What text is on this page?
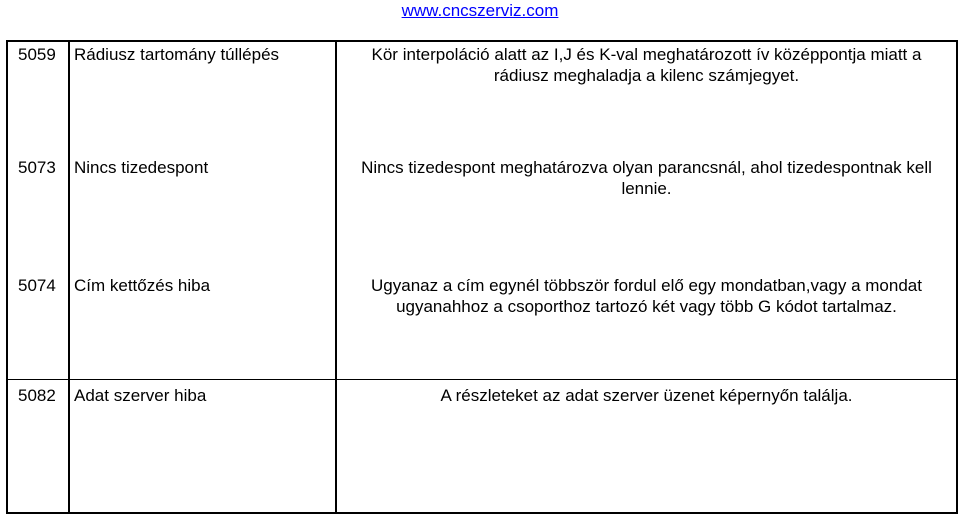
www.cncszerviz.com
5059	Rádiusz tartomány túllépés	Kör interpoláció alatt az I,J és K-val meghatározott ív középpontja miatt a rádiusz meghaladja a kilenc számjegyet.

5073	Nincs tizedespont	Nincs tizedespont meghatározva olyan parancsnál, ahol tizedespontnak kell lennie.

5074	Cím kettőzés hiba	Ugyanaz a cím egynél többször fordul elő egy mondatban,vagy a mondat ugyanahhoz a csoporthoz tartozó két vagy több G kódot tartalmaz.

5082	Adat szerver hiba	A részleteket az adat szerver üzenet képernyőn találja.
